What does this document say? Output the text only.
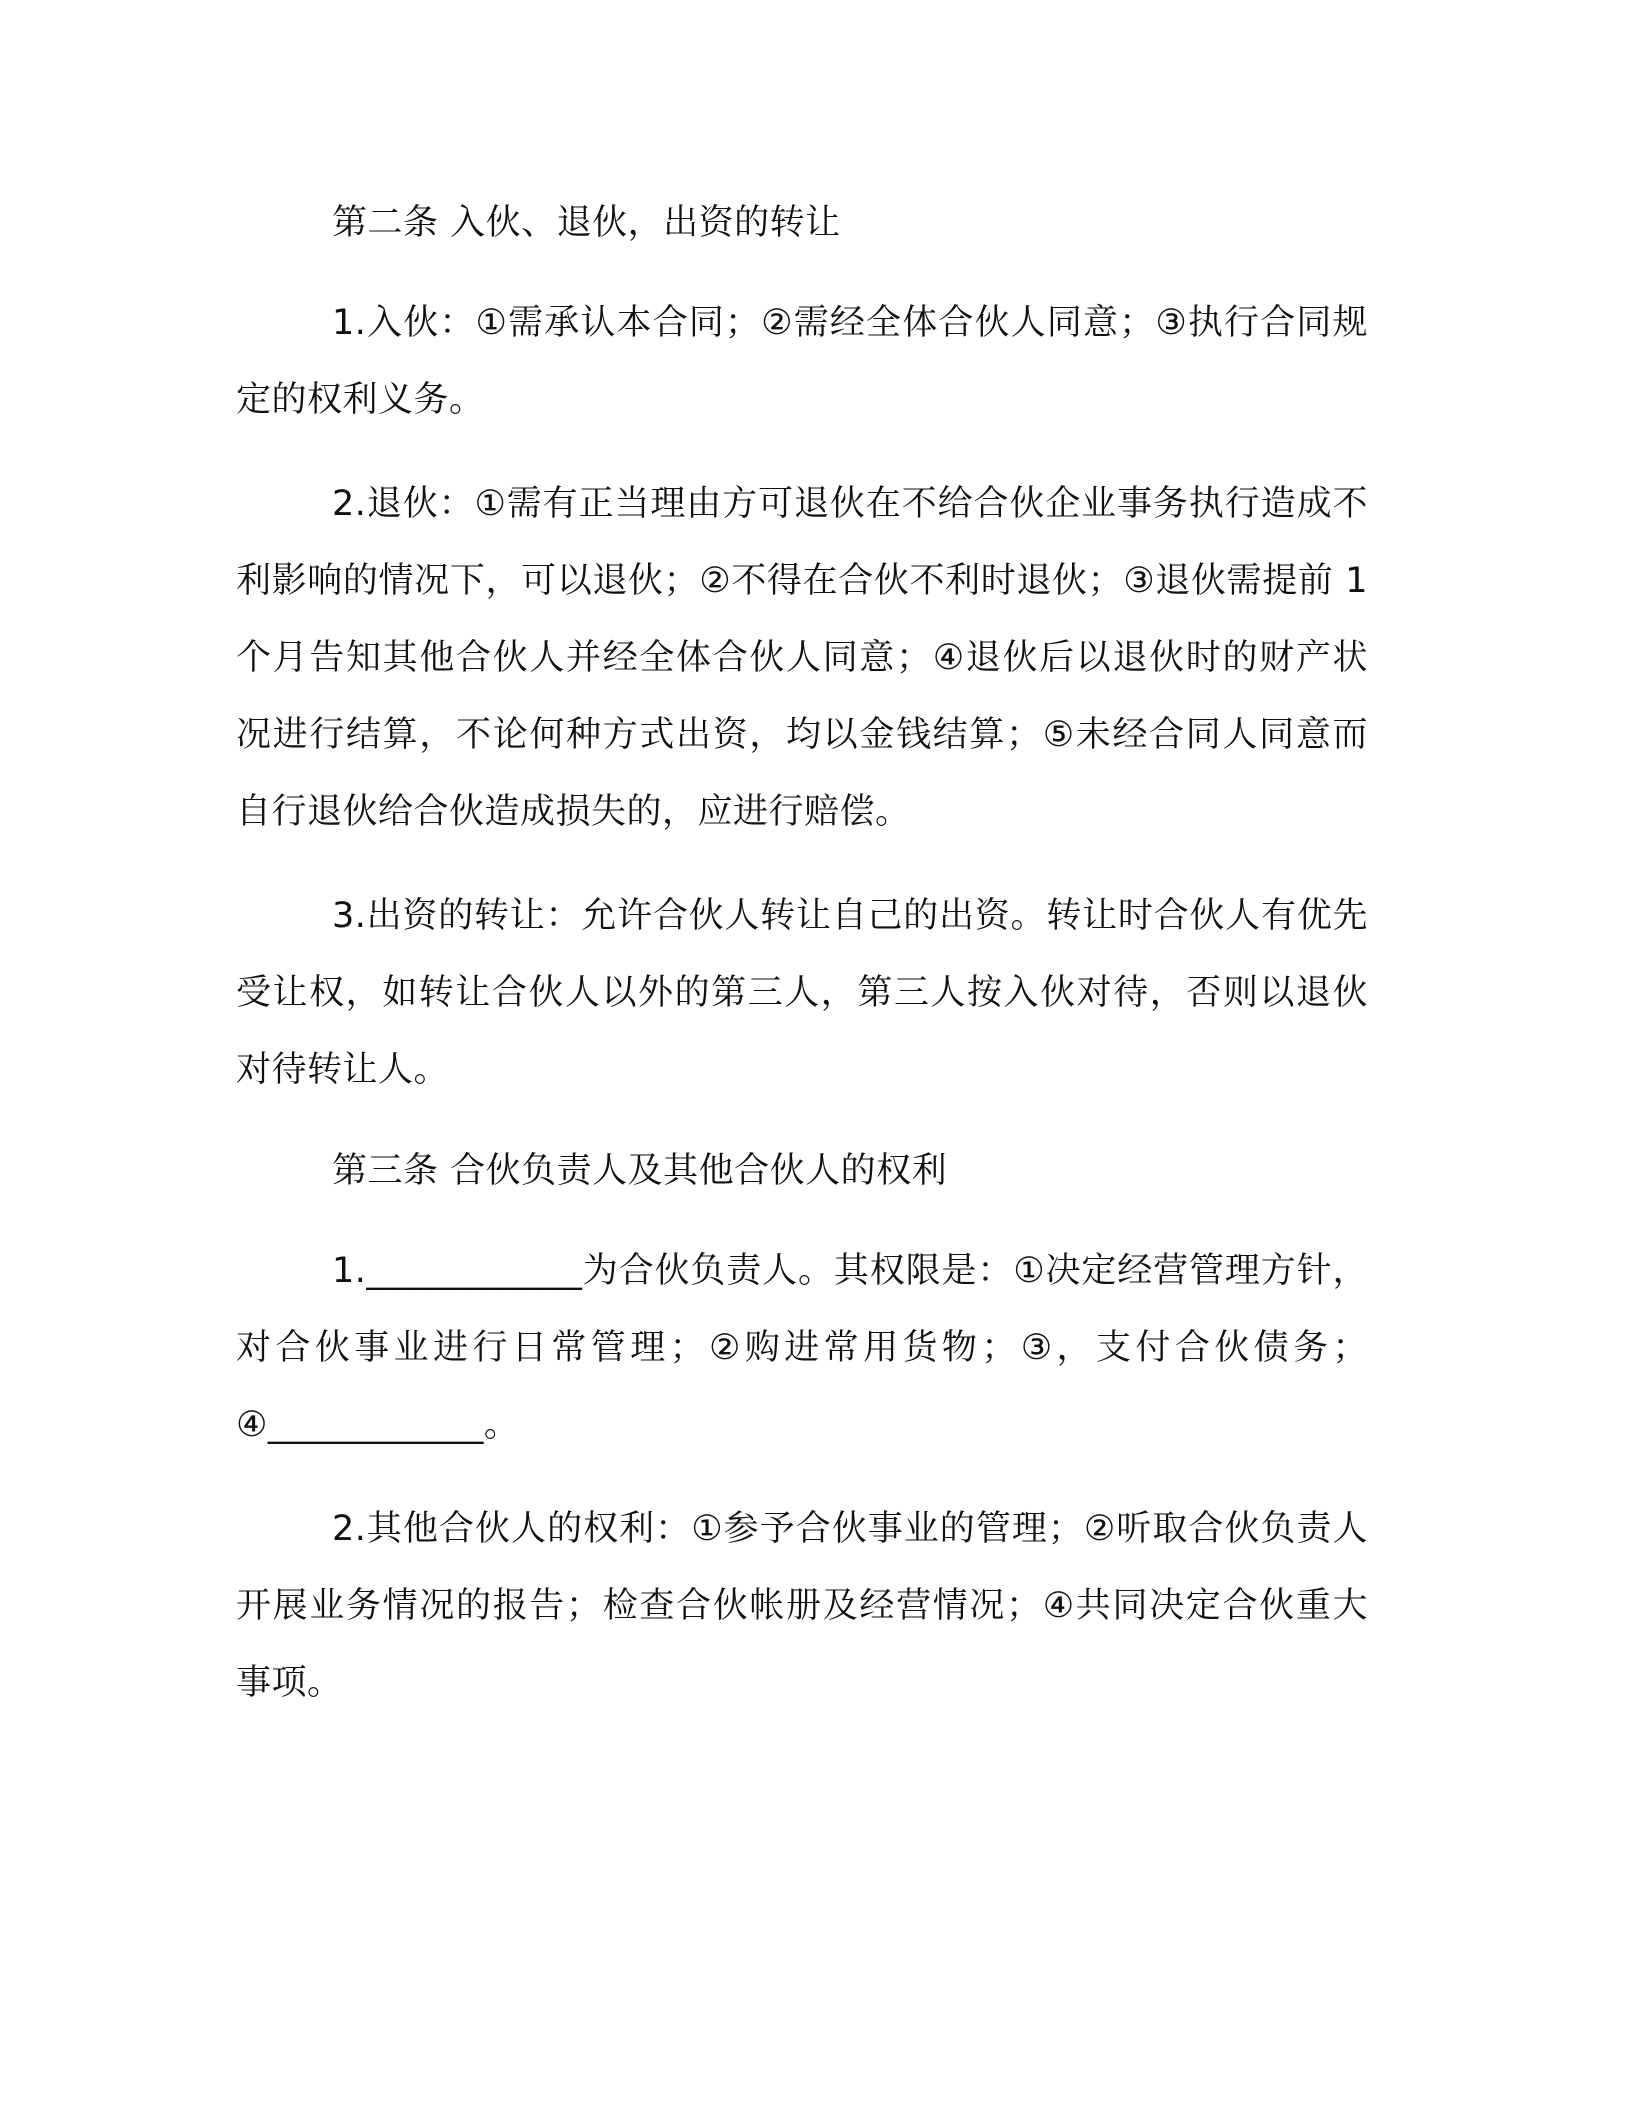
第二条 入伙、退伙，出资的转让

1.入伙：①需承认本合同；②需经全体合伙人同意；③执行合同规定的权利义务。

2.退伙：①需有正当理由方可退伙在不给合伙企业事务执行造成不利影响的情况下，可以退伙；②不得在合伙不利时退伙；③退伙需提前 1 个月告知其他合伙人并经全体合伙人同意；④退伙后以退伙时的财产状况进行结算，不论何种方式出资，均以金钱结算；⑤未经合同人同意而自行退伙给合伙造成损失的，应进行赔偿。

3.出资的转让：允许合伙人转让自己的出资。转让时合伙人有优先受让权，如转让合伙人以外的第三人，第三人按入伙对待，否则以退伙对待转让人。

第三条 合伙负责人及其他合伙人的权利

1.____________为合伙负责人。其权限是：①决定经营管理方针，对合伙事业进行日常管理；②购进常用货物；③，支付合伙债务；④____________。

2.其他合伙人的权利：①参予合伙事业的管理；②听取合伙负责人开展业务情况的报告；检查合伙帐册及经营情况；④共同决定合伙重大事项。
